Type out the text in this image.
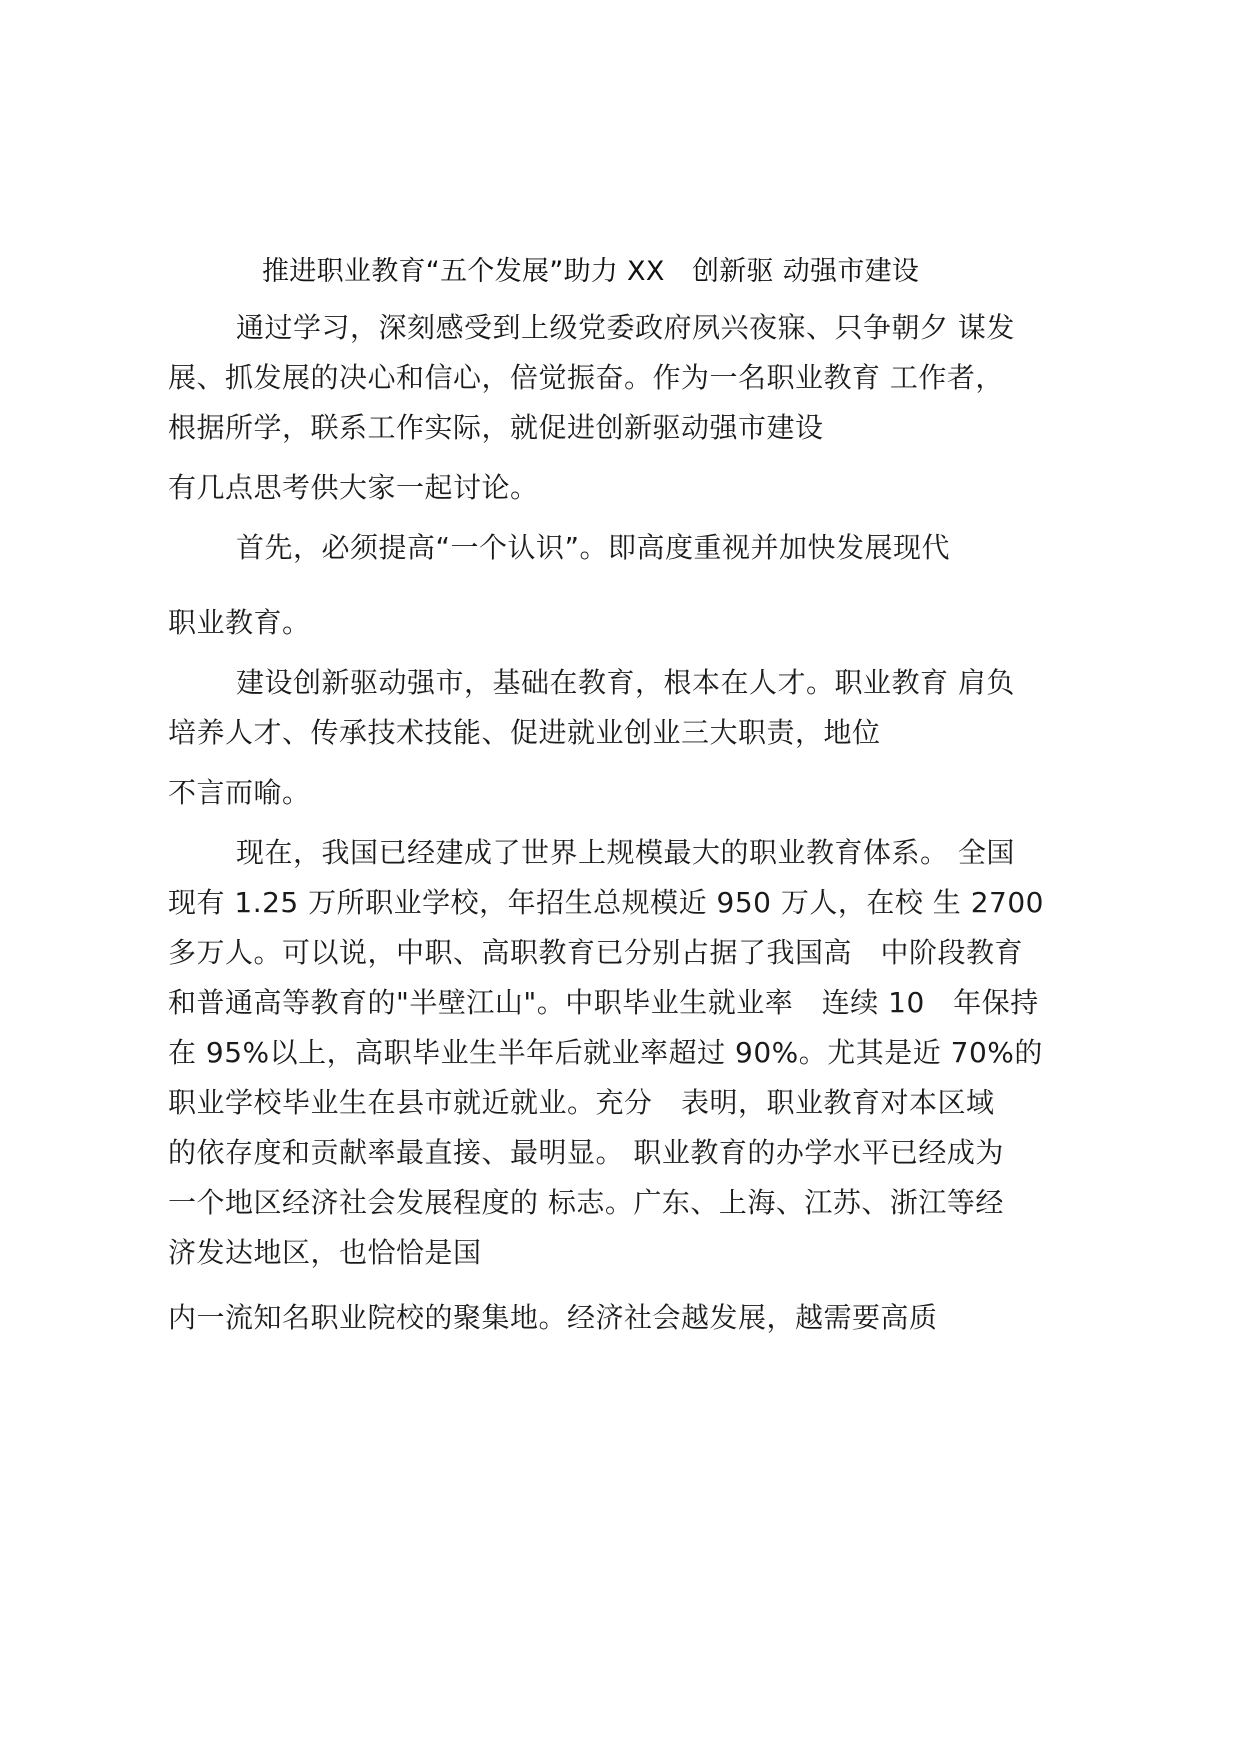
推进职业教育“五个发展”助力 XX　创新驱 动强市建设
通过学习，深刻感受到上级党委政府夙兴夜寐、只争朝夕 谋发
展、抓发展的决心和信心，倍觉振奋。作为一名职业教育 工作者，
根据所学，联系工作实际，就促进创新驱动强市建设
有几点思考供大家一起讨论。
首先，必须提高“一个认识”。即高度重视并加快发展现代
职业教育。
建设创新驱动强市，基础在教育，根本在人才。职业教育 肩负
培养人才、传承技术技能、促进就业创业三大职责，地位
不言而喻。
现在，我国已经建成了世界上规模最大的职业教育体系。 全国
现有 1.25 万所职业学校，年招生总规模近 950 万人，在校 生 2700
多万人。可以说，中职、高职教育已分别占据了我国高　中阶段教育
和普通高等教育的"半壁江山"。中职毕业生就业率　连续 10　年保持
在 95%以上，高职毕业生半年后就业率超过 90%。尤其是近 70%的
职业学校毕业生在县市就近就业。充分　表明，职业教育对本区域
的依存度和贡献率最直接、最明显。 职业教育的办学水平已经成为
一个地区经济社会发展程度的 标志。广东、上海、江苏、浙江等经
济发达地区，也恰恰是国
内一流知名职业院校的聚集地。经济社会越发展，越需要高质
